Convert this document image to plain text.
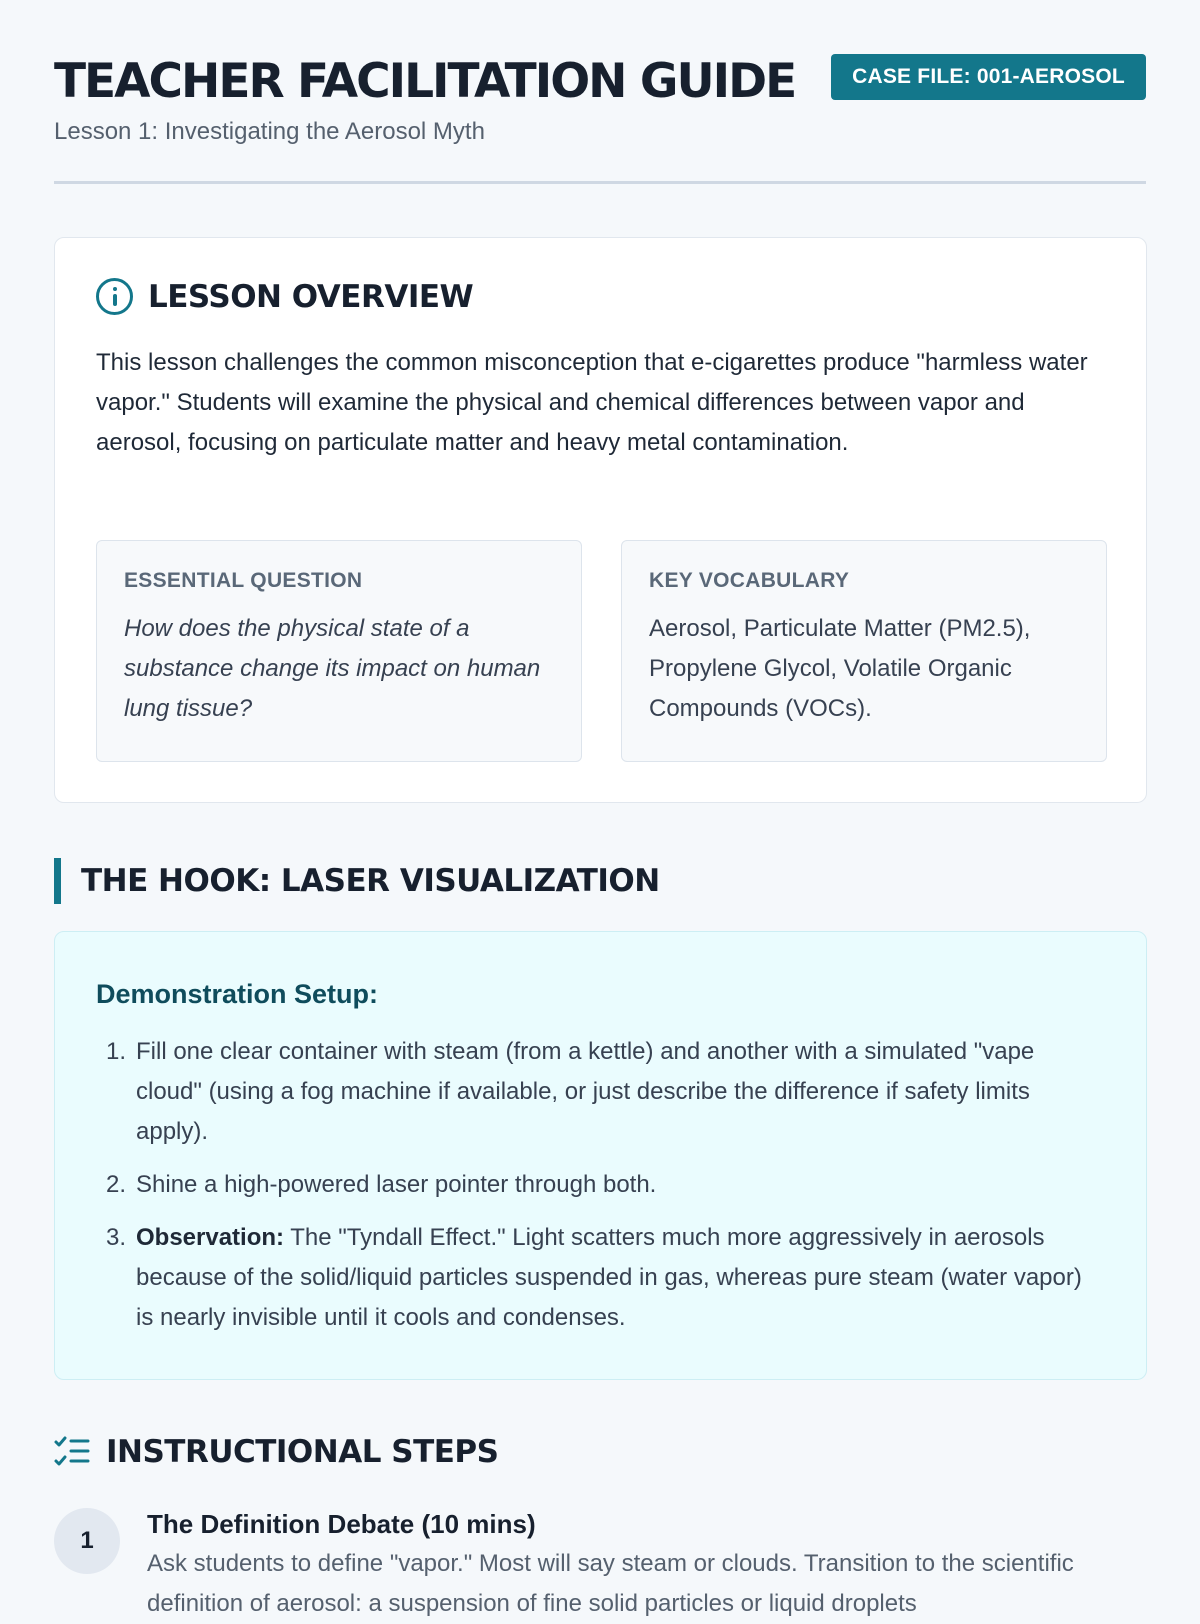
TEACHER FACILITATION GUIDE
Lesson 1: Investigating the Aerosol Myth
CASE FILE: 001-AEROSOL
LESSON OVERVIEW

This lesson challenges the common misconception that e-cigarettes produce "harmless water vapor." Students will examine the physical and chemical differences between vapor and aerosol, focusing on particulate matter and heavy metal contamination.

ESSENTIAL QUESTION
How does the physical state of a substance change its impact on human lung tissue?
KEY VOCABULARY
Aerosol, Particulate Matter (PM2.5), Propylene Glycol, Volatile Organic Compounds (VOCs).
THE HOOK: LASER VISUALIZATION
Demonstration Setup:
1. Fill one clear container with steam (from a kettle) and another with a simulated "vape cloud" (using a fog machine if available, or just describe the difference if safety limits apply).
2. Shine a high-powered laser pointer through both.
3. Observation: The "Tyndall Effect." Light scatters much more aggressively in aerosols because of the solid/liquid particles suspended in gas, whereas pure steam (water vapor) is nearly invisible until it cools and condenses.
INSTRUCTIONAL STEPS
1
The Definition Debate (10 mins)
Ask students to define "vapor." Most will say steam or clouds. Transition to the scientific definition of aerosol: a suspension of fine solid particles or liquid droplets
